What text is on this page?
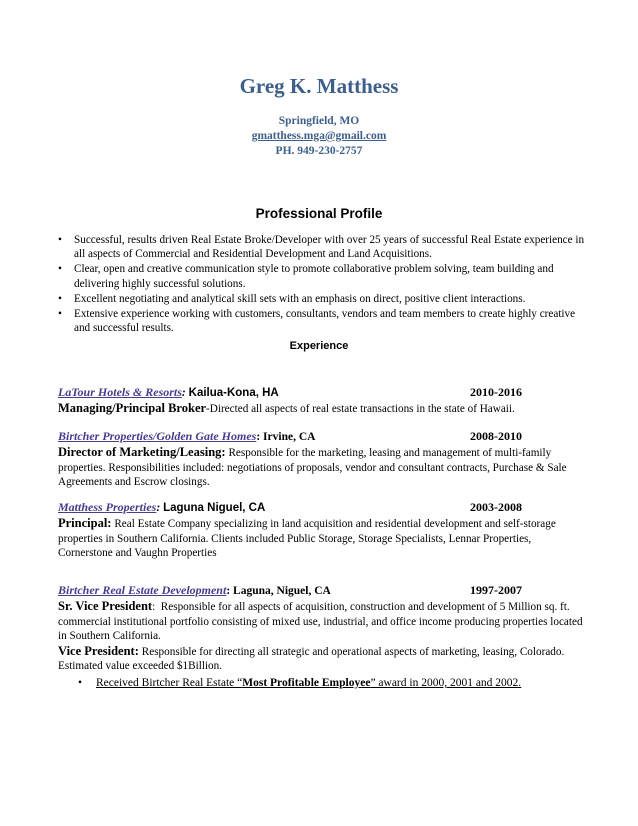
Greg K. Matthess
Springfield, MO
gmatthess.mga@gmail.com
PH. 949-230-2757
Professional Profile
• Successful, results driven Real Estate Broke/Developer with over 25 years of successful Real Estate experience in all aspects of Commercial and Residential Development and Land Acquisitions.
• Clear, open and creative communication style to promote collaborative problem solving, team building and delivering highly successful solutions.
• Excellent negotiating and analytical skill sets with an emphasis on direct, positive client interactions.
• Extensive experience working with customers, consultants, vendors and team members to create highly creative and successful results.
Experience
LaTour Hotels & Resorts: Kailua-Kona, HA	2010-2016
Managing/Principal Broker-Directed all aspects of real estate transactions in the state of Hawaii.
Birtcher Properties/Golden Gate Homes: Irvine, CA	2008-2010
Director of Marketing/Leasing: Responsible for the marketing, leasing and management of multi-family properties. Responsibilities included: negotiations of proposals, vendor and consultant contracts, Purchase & Sale Agreements and Escrow closings.
Matthess Properties: Laguna Niguel, CA	2003-2008
Principal: Real Estate Company specializing in land acquisition and residential development and self-storage properties in Southern California. Clients included Public Storage, Storage Specialists, Lennar Properties, Cornerstone and Vaughn Properties
Birtcher Real Estate Development: Laguna, Niguel, CA	1997-2007
Sr. Vice President:  Responsible for all aspects of acquisition, construction and development of 5 Million sq. ft. commercial institutional portfolio consisting of mixed use, industrial, and office income producing properties located in Southern California.
Vice President: Responsible for directing all strategic and operational aspects of marketing, leasing, Colorado. Estimated value exceeded $1Billion.
• Received Birtcher Real Estate “Most Profitable Employee” award in 2000, 2001 and 2002.
